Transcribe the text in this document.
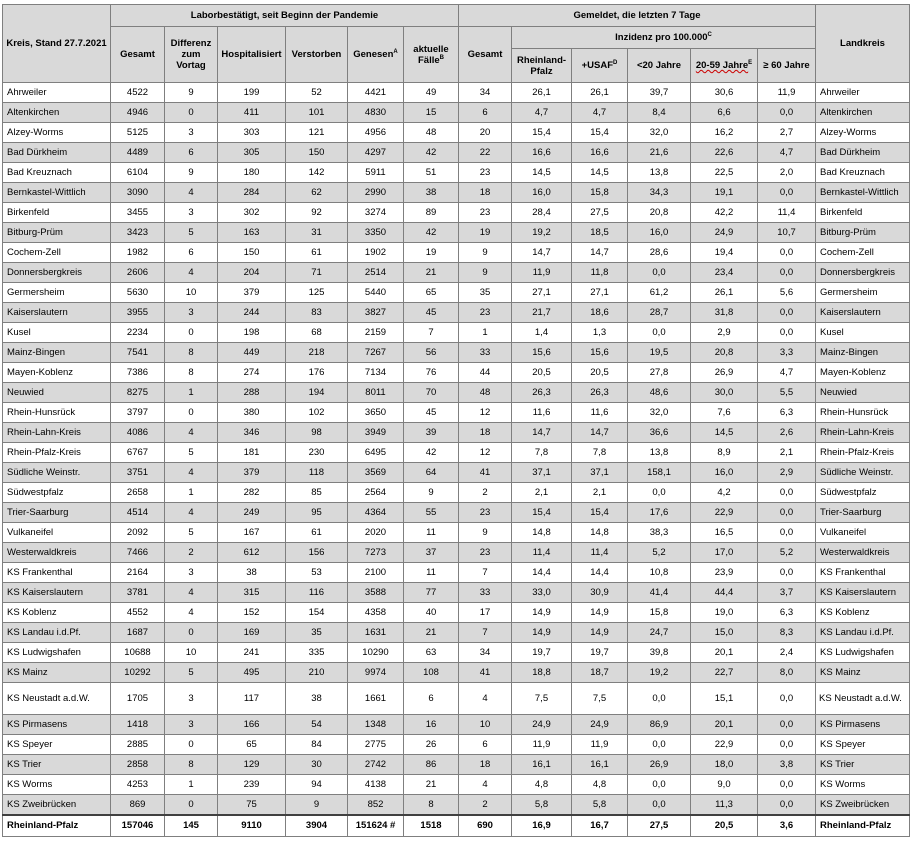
Kreis, Stand 27.7.2021	Laborbestätigt, seit Beginn der Pandemie						Gemeldet, die letzten 7 Tage						Landkreis
	Gesamt	Differenz zum Vortag	Hospitalisiert	Verstorben	Genesen$^A$	aktuelle Fälle$^B$	Gesamt	Inzidenz pro $100.000^C$
								Rheinland-Pfalz	$+USAF^D$	<20 Jahre	20-59 Jahre$^E$	≥ 60 Jahre	
Ahrweiler	4522	9	199	52	4421	49	34	26,1	26,1	39,7	30,6	11,9	Ahrweiler
Altenkirchen	4946	0	411	101	4830	15	6	4,7	4,7	8,4	6,6	0,0	Altenkirchen
Alzey-Worms	5125	3	303	121	4956	48	20	15,4	15,4	32,0	16,2	2,7	Alzey-Worms
Bad Dürkheim	4489	6	305	150	4297	42	22	16,6	16,6	21,6	22,6	4,7	Bad Dürkheim
Bad Kreuznach	6104	9	180	142	5911	51	23	14,5	14,5	13,8	22,5	2,0	Bad Kreuznach
Bernkastel-Wittlich	3090	4	284	62	2990	38	18	16,0	15,8	34,3	19,1	0,0	Bernkastel-Wittlich
Birkenfeld	3455	3	302	92	3274	89	23	28,4	27,5	20,8	42,2	11,4	Birkenfeld
Bitburg-Prüm	3423	5	163	31	3350	42	19	19,2	18,5	16,0	24,9	10,7	Bitburg-Prüm
Cochem-Zell	1982	6	150	61	1902	19	9	14,7	14,7	28,6	19,4	0,0	Cochem-Zell
Donnersbergkreis	2606	4	204	71	2514	21	9	11,9	11,8	0,0	23,4	0,0	Donnersbergkreis
Germersheim	5630	10	379	125	5440	65	35	27,1	27,1	61,2	26,1	5,6	Germersheim
Kaiserslautern	3955	3	244	83	3827	45	23	21,7	18,6	28,7	31,8	0,0	Kaiserslautern
Kusel	2234	0	198	68	2159	7	1	1,4	1,3	0,0	2,9	0,0	Kusel
Mainz-Bingen	7541	8	449	218	7267	56	33	15,6	15,6	19,5	20,8	3,3	Mainz-Bingen
Mayen-Koblenz	7386	8	274	176	7134	76	44	20,5	20,5	27,8	26,9	4,7	Mayen-Koblenz
Neuwied	8275	1	288	194	8011	70	48	26,3	26,3	48,6	30,0	5,5	Neuwied
Rhein-Hunsrück	3797	0	380	102	3650	45	12	11,6	11,6	32,0	7,6	6,3	Rhein-Hunsrück
Rhein-Lahn-Kreis	4086	4	346	98	3949	39	18	14,7	14,7	36,6	14,5	2,6	Rhein-Lahn-Kreis
Rhein-Pfalz-Kreis	6767	5	181	230	6495	42	12	7,8	7,8	13,8	8,9	2,1	Rhein-Pfalz-Kreis
Südliche Weinstr.	3751	4	379	118	3569	64	41	37,1	37,1	158,1	16,0	2,9	Südliche Weinstr.
Südwestpfalz	2658	1	282	85	2564	9	2	2,1	2,1	0,0	4,2	0,0	Südwestpfalz
Trier-Saarburg	4514	4	249	95	4364	55	23	15,4	15,4	17,6	22,9	0,0	Trier-Saarburg
Vulkaneifel	2092	5	167	61	2020	11	9	14,8	14,8	38,3	16,5	0,0	Vulkaneifel
Westerwaldkreis	7466	2	612	156	7273	37	23	11,4	11,4	5,2	17,0	5,2	Westerwaldkreis
KS Frankenthal	2164	3	38	53	2100	11	7	14,4	14,4	10,8	23,9	0,0	KS Frankenthal
KS Kaiserslautern	3781	4	315	116	3588	77	33	33,0	30,9	41,4	44,4	3,7	KS Kaiserslautern
KS Koblenz	4552	4	152	154	4358	40	17	14,9	14,9	15,8	19,0	6,3	KS Koblenz
KS Landau i.d.Pf.	1687	0	169	35	1631	21	7	14,9	14,9	24,7	15,0	8,3	KS Landau i.d.Pf.
KS Ludwigshafen	10688	10	241	335	10290	63	34	19,7	19,7	39,8	20,1	2,4	KS Ludwigshafen
KS Mainz	10292	5	495	210	9974	108	41	18,8	18,7	19,2	22,7	8,0	KS Mainz
KS Neustadt a.d.W.	1705	3	117	38	1661	6	4	7,5	7,5	0,0	15,1	0,0	KS Neustadt a.d.W.
KS Pirmasens	1418	3	166	54	1348	16	10	24,9	24,9	86,9	20,1	0,0	KS Pirmasens
KS Speyer	2885	0	65	84	2775	26	6	11,9	11,9	0,0	22,9	0,0	KS Speyer
KS Trier	2858	8	129	30	2742	86	18	16,1	16,1	26,9	18,0	3,8	KS Trier
KS Worms	4253	1	239	94	4138	21	4	4,8	4,8	0,0	9,0	0,0	KS Worms
KS Zweibrücken	869	0	75	9	852	8	2	5,8	5,8	0,0	11,3	0,0	KS Zweibrücken
Rheinland-Pfalz	157046	145	9110	3904	151624 #	1518	690	16,9	16,7	27,5	20,5	3,6	Rheinland-Pfalz
